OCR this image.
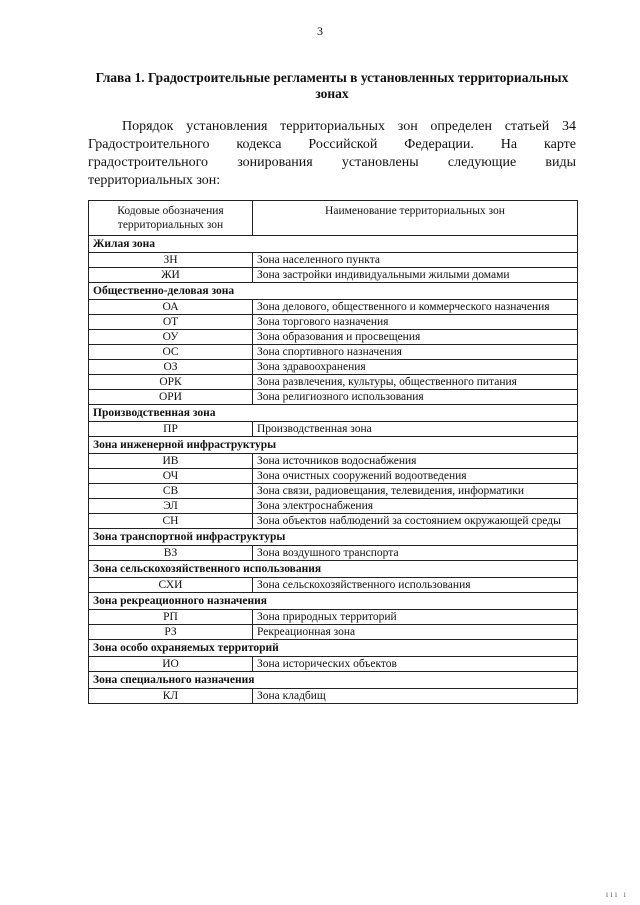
3
Глава 1. Градостроительные регламенты в установленных территориальных зонах
Порядок установления территориальных зон определен статьей 34 Градостроительного кодекса Российской Федерации. На карте градостроительного зонирования установлены следующие виды территориальных зон:
Кодовые обозначения территориальных зон	Наименование территориальных зон
Жилая зона	
ЗН	Зона населенного пункта
ЖИ	Зона застройки индивидуальными жилыми домами
Общественно-деловая зона	
ОА	Зона делового, общественного и коммерческого назначения
ОТ	Зона торгового назначения
ОУ	Зона образования и просвещения
ОС	Зона спортивного назначения
ОЗ	Зона здравоохранения
ОРК	Зона развлечения, культуры, общественного питания
ОРИ	Зона религиозного использования
Производственная зона	
ПР	Производственная зона
Зона инженерной инфраструктуры	
ИВ	Зона источников водоснабжения
ОЧ	Зона очистных сооружений водоотведения
СВ	Зона связи, радиовещания, телевидения, информатики
ЭЛ	Зона электроснабжения
СН	Зона объектов наблюдений за состоянием окружающей среды
Зона транспортной инфраструктуры	
ВЗ	Зона воздушного транспорта
Зона сельскохозяйственного использования	
СХИ	Зона сельскохозяйственного использования
Зона рекреационного назначения	
РП	Зона природных территорий
РЗ	Рекреационная зона
Зона особо охраняемых территорий	
ИО	Зона исторических объектов
Зона специального назначения	
КЛ	Зона кладбищ
ııı ı
